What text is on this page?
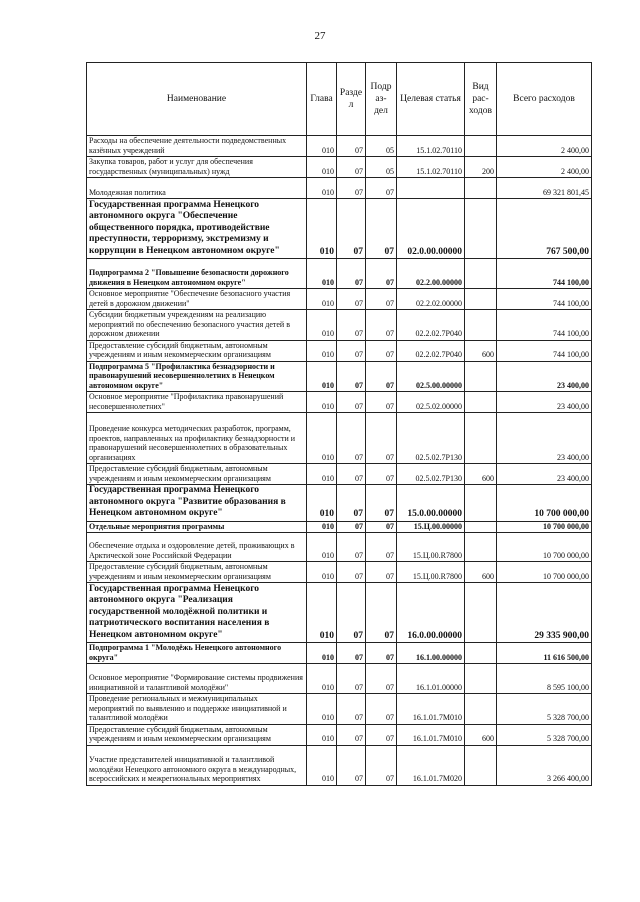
27
Наименование	Глава	Разде л	Подр аз- дел	Целевая статья	Вид рас- ходов	Всего расходов
Расходы на обеспечение деятельности подведомственных казённых учреждений	010	07	05	15.1.02.70110		2 400,00
Закупка товаров, работ и услуг для обеспечения государственных (муниципальных) нужд	010	07	05	15.1.02.70110	200	2 400,00
Молодежная политика	010	07	07			69 321 801,45
Государственная программа Ненецкого автономного округа "Обеспечение общественного порядка, противодействие преступности, терроризму, экстремизму и коррупции в Ненецком автономном округе"	010	07	07	02.0.00.00000		767 500,00
Подпрограмма 2 "Повышение безопасности дорожного движения в Ненецком автономном округе"	010	07	07	02.2.00.00000		744 100,00
Основное мероприятие "Обеспечение безопасного участия детей в дорожном движении"	010	07	07	02.2.02.00000		744 100,00
Субсидии бюджетным учреждениям на реализацию мероприятий по обеспечению безопасного участия детей в дорожном движении	010	07	07	02.2.02.7Р040		744 100,00
Предоставление субсидий бюджетным, автономным учреждениям и иным некоммерческим организациям	010	07	07	02.2.02.7Р040	600	744 100,00
Подпрограмма 5 "Профилактика безнадзорности и правонарушений несовершеннолетних в Ненецком автономном округе"	010	07	07	02.5.00.00000		23 400,00
Основное мероприятие "Профилактика правонарушений несовершеннолетних"	010	07	07	02.5.02.00000		23 400,00
Проведение конкурса методических разработок, программ, проектов, направленных на профилактику безнадзорности и правонарушений несовершеннолетних в образовательных организациях	010	07	07	02.5.02.7Р130		23 400,00
Предоставление субсидий бюджетным, автономным учреждениям и иным некоммерческим организациям	010	07	07	02.5.02.7Р130	600	23 400,00
Государственная программа Ненецкого автономного округа "Развитие образования в Ненецком автономном округе"	010	07	07	15.0.00.00000		10 700 000,00
Отдельные мероприятия программы	010	07	07	15.Ц.00.00000		10 700 000,00
Обеспечение отдыха и оздоровление детей, проживающих в Арктической зоне Российской Федерации	010	07	07	15.Ц.00.R7800		10 700 000,00
Предоставление субсидий бюджетным, автономным учреждениям и иным некоммерческим организациям	010	07	07	15.Ц.00.R7800	600	10 700 000,00
Государственная программа Ненецкого автономного округа "Реализация государственной молодёжной политики и патриотического воспитания населения в Ненецком автономном округе"	010	07	07	16.0.00.00000		29 335 900,00
Подпрограмма 1 "Молодёжь Ненецкого автономного округа"	010	07	07	16.1.00.00000		11 616 500,00
Основное мероприятие "Формирование системы продвижения инициативной и талантливой молодёжи"	010	07	07	16.1.01.00000		8 595 100,00
Проведение региональных и межмуниципальных мероприятий по выявлению и поддержке инициативной и талантливой молодёжи	010	07	07	16.1.01.7М010		5 328 700,00
Предоставление субсидий бюджетным, автономным учреждениям и иным некоммерческим организациям	010	07	07	16.1.01.7М010	600	5 328 700,00
Участие представителей инициативной и талантливой молодёжи Ненецкого автономного округа в международных, всероссийских и межрегиональных мероприятиях	010	07	07	16.1.01.7М020		3 266 400,00
